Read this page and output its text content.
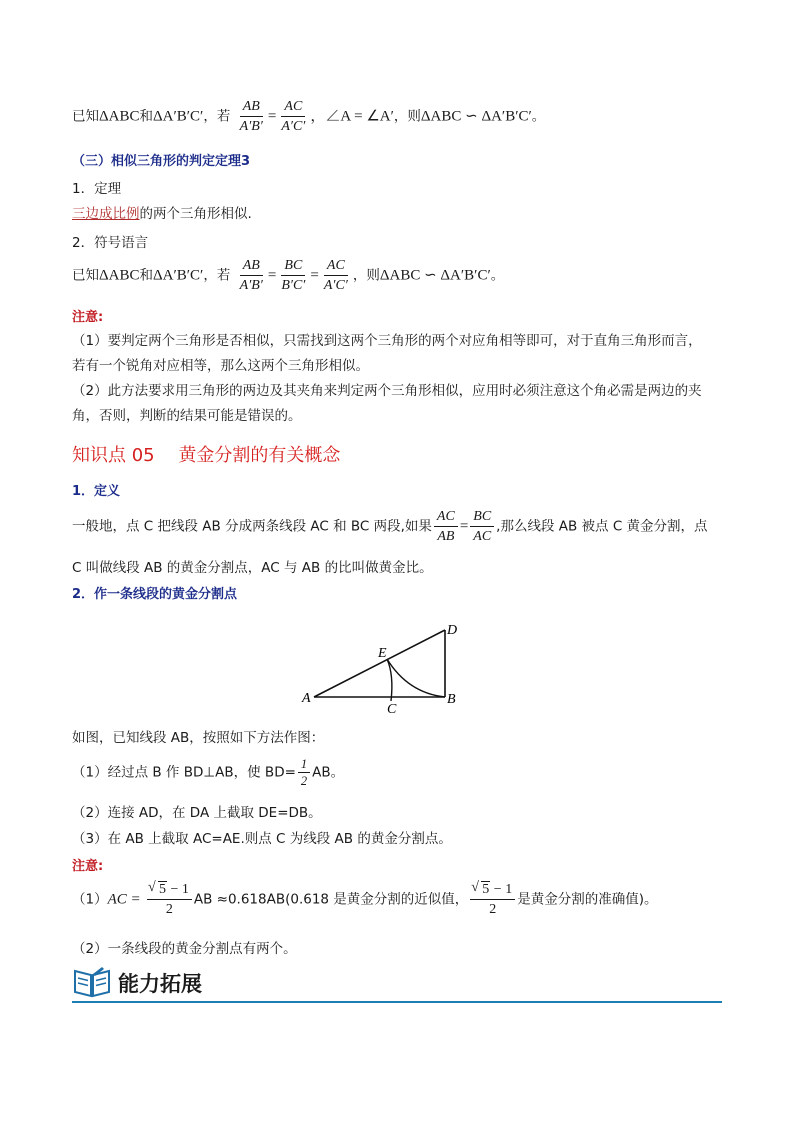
已知ΔABC和ΔA′B′C′，若 $\frac{AB}{A'B'} = \frac{AC}{A'C'}$ ，∠A = ∠A′，则ΔABC ∽ ΔA′B′C′。
（三）相似三角形的判定定理3
1．定理
三边成比例的两个三角形相似.
2．符号语言
已知ΔABC和ΔA′B′C′，若 $\frac{AB}{A'B'} = \frac{BC}{B'C'} = \frac{AC}{A'C'}$ ，则ΔABC ∽ ΔA′B′C′。
注意:
（1）要判定两个三角形是否相似，只需找到这两个三角形的两个对应角相等即可，对于直角三角形而言，
若有一个锐角对应相等，那么这两个三角形相似。
（2）此方法要求用三角形的两边及其夹角来判定两个三角形相似，应用时必须注意这个角必需是两边的夹
角，否则，判断的结果可能是错误的。
知识点 05　 黄金分割的有关概念
1．定义
一般地，点 C 把线段 AB 分成两条线段 AC 和 BC 两段,如果 $\frac{AC}{AB} = \frac{BC}{AC}$ ,那么线段 AB 被点 C 黄金分割，点
C 叫做线段 AB 的黄金分割点，AC 与 AB 的比叫做黄金比。
2．作一条线段的黄金分割点
A	B
C
D
E
如图，已知线段 AB，按照如下方法作图：
（1）经过点 B 作 BD⊥AB，使 $BD= \frac{1}{2}$ AB。
（2）连接 AD，在 DA 上截取 DE=DB。
（3）在 AB 上截取 AC=AE.则点 C 为线段 AB 的黄金分割点。
注意:
（1）AC = √ $\frac{5 - 1}{2}$ AB ≈0.618AB(0.618 是黄金分割的近似值， √ $\frac{5 - 1}{2}$ 是黄金分割的准确值)。
（2）一条线段的黄金分割点有两个。
能力拓展
